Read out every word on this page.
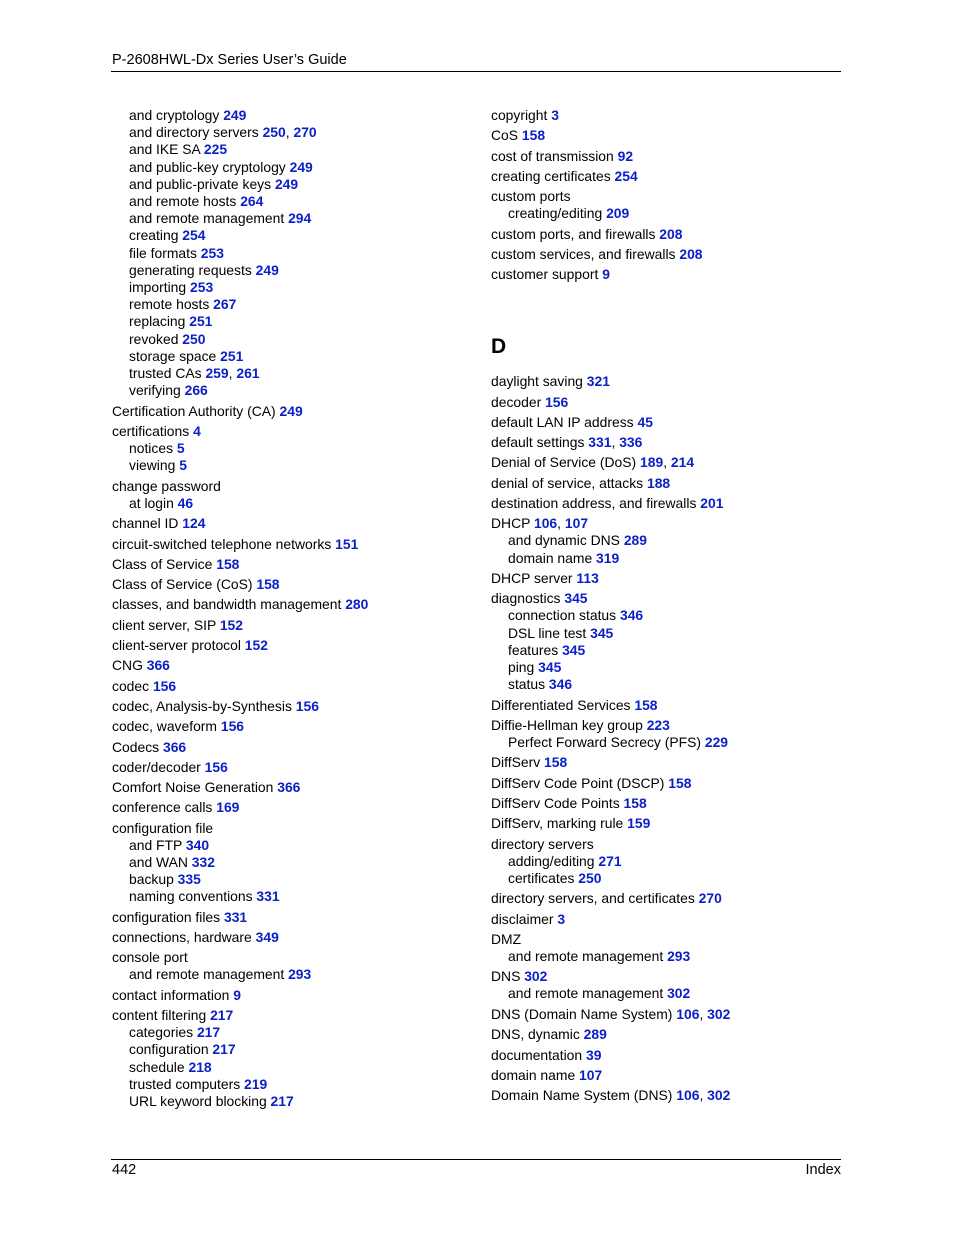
P-2608HWL-Dx Series User’s Guide
and cryptology 249
and directory servers 250, 270
and IKE SA 225
and public-key cryptology 249
and public-private keys 249
and remote hosts 264
and remote management 294
creating 254
file formats 253
generating requests 249
importing 253
remote hosts 267
replacing 251
revoked 250
storage space 251
trusted CAs 259, 261
verifying 266
Certification Authority (CA) 249
certifications 4
notices 5
viewing 5
change password
at login 46
channel ID 124
circuit-switched telephone networks 151
Class of Service 158
Class of Service (CoS) 158
classes, and bandwidth management 280
client server, SIP 152
client-server protocol 152
CNG 366
codec 156
codec, Analysis-by-Synthesis 156
codec, waveform 156
Codecs 366
coder/decoder 156
Comfort Noise Generation 366
conference calls 169
configuration file
and FTP 340
and WAN 332
backup 335
naming conventions 331
configuration files 331
connections, hardware 349
console port
and remote management 293
contact information 9
content filtering 217
categories 217
configuration 217
schedule 218
trusted computers 219
URL keyword blocking 217
copyright 3
CoS 158
cost of transmission 92
creating certificates 254
custom ports
creating/editing 209
custom ports, and firewalls 208
custom services, and firewalls 208
customer support 9
D
daylight saving 321
decoder 156
default LAN IP address 45
default settings 331, 336
Denial of Service (DoS) 189, 214
denial of service, attacks 188
destination address, and firewalls 201
DHCP 106, 107
and dynamic DNS 289
domain name 319
DHCP server 113
diagnostics 345
connection status 346
DSL line test 345
features 345
ping 345
status 346
Differentiated Services 158
Diffie-Hellman key group 223
Perfect Forward Secrecy (PFS) 229
DiffServ 158
DiffServ Code Point (DSCP) 158
DiffServ Code Points 158
DiffServ, marking rule 159
directory servers
adding/editing 271
certificates 250
directory servers, and certificates 270
disclaimer 3
DMZ
and remote management 293
DNS 302
and remote management 302
DNS (Domain Name System) 106, 302
DNS, dynamic 289
documentation 39
domain name 107
Domain Name System (DNS) 106, 302
442	Index
